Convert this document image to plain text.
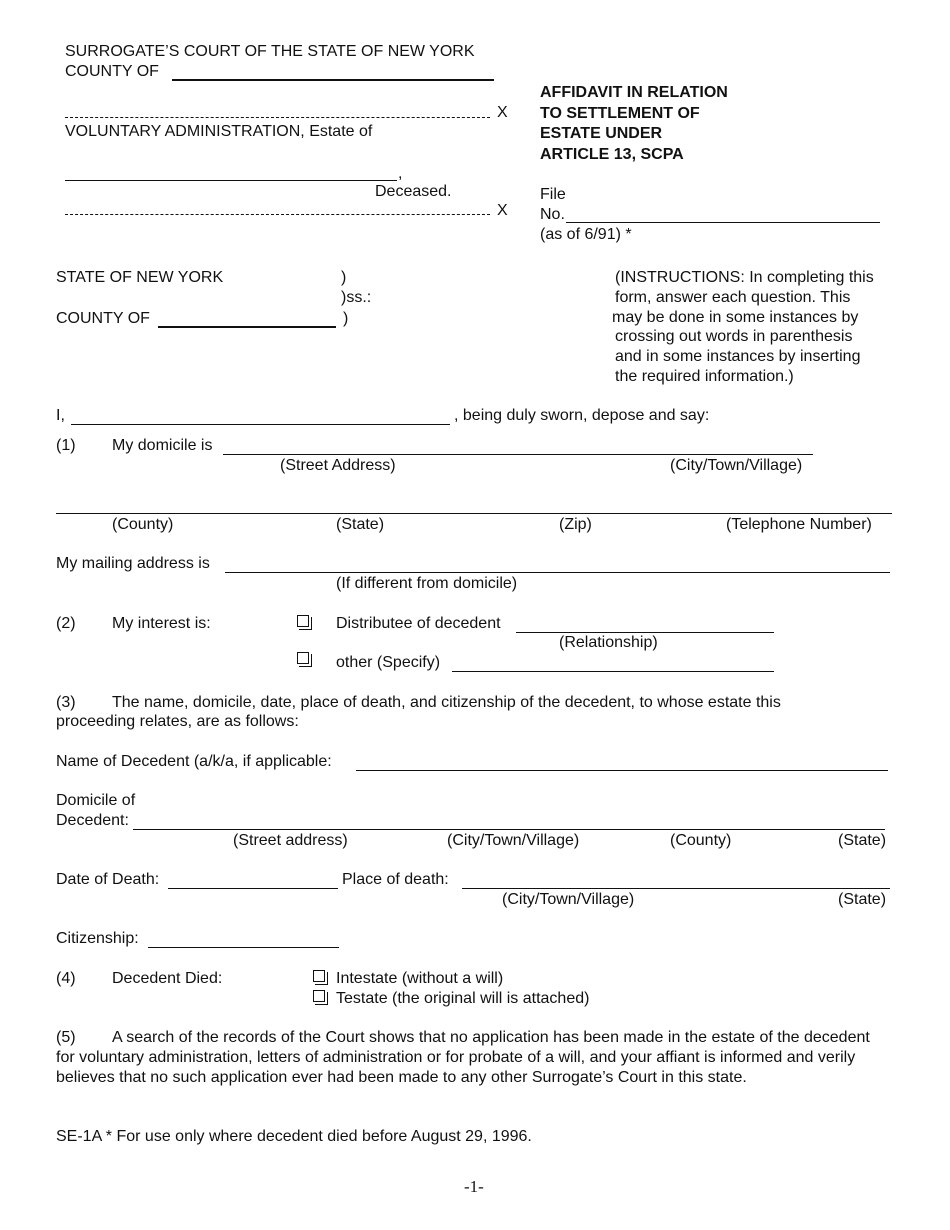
SURROGATE’S COURT OF THE STATE OF NEW YORK
COUNTY OF
X
VOLUNTARY ADMINISTRATION, Estate of
,
Deceased.
X
AFFIDAVIT IN RELATION
TO SETTLEMENT OF
ESTATE UNDER
ARTICLE 13, SCPA
File
No.
(as of 6/91) *
STATE OF NEW YORK	)
)ss.:
COUNTY OF	)
(INSTRUCTIONS: In completing this
form, answer each question. This
may be done in some instances by
crossing out words in parenthesis
and in some instances by inserting
the required information.)
I,	, being duly sworn, depose and say:
(1) My domicile is
(Street Address)	(City/Town/Village)
(County)	(State)	(Zip)	(Telephone Number)
My mailing address is
(If different from domicile)
(2) My interest is:	Distributee of decedent
(Relationship)
other (Specify)
(3) The name, domicile, date, place of death, and citizenship of the decedent, to whose estate this
proceeding relates, are as follows:
Name of Decedent (a/k/a, if applicable:
Domicile of
Decedent:
(Street address)	(City/Town/Village)	(County)	(State)
Date of Death:	Place of death:
(City/Town/Village)	(State)
Citizenship:
(4) Decedent Died:	Intestate (without a will)
Testate (the original will is attached)
(5) A search of the records of the Court shows that no application has been made in the estate of the decedent
for voluntary administration, letters of administration or for probate of a will, and your affiant is informed and verily
believes that no such application ever had been made to any other Surrogate’s Court in this state.
SE-1A * For use only where decedent died before August 29, 1996.
-1-
